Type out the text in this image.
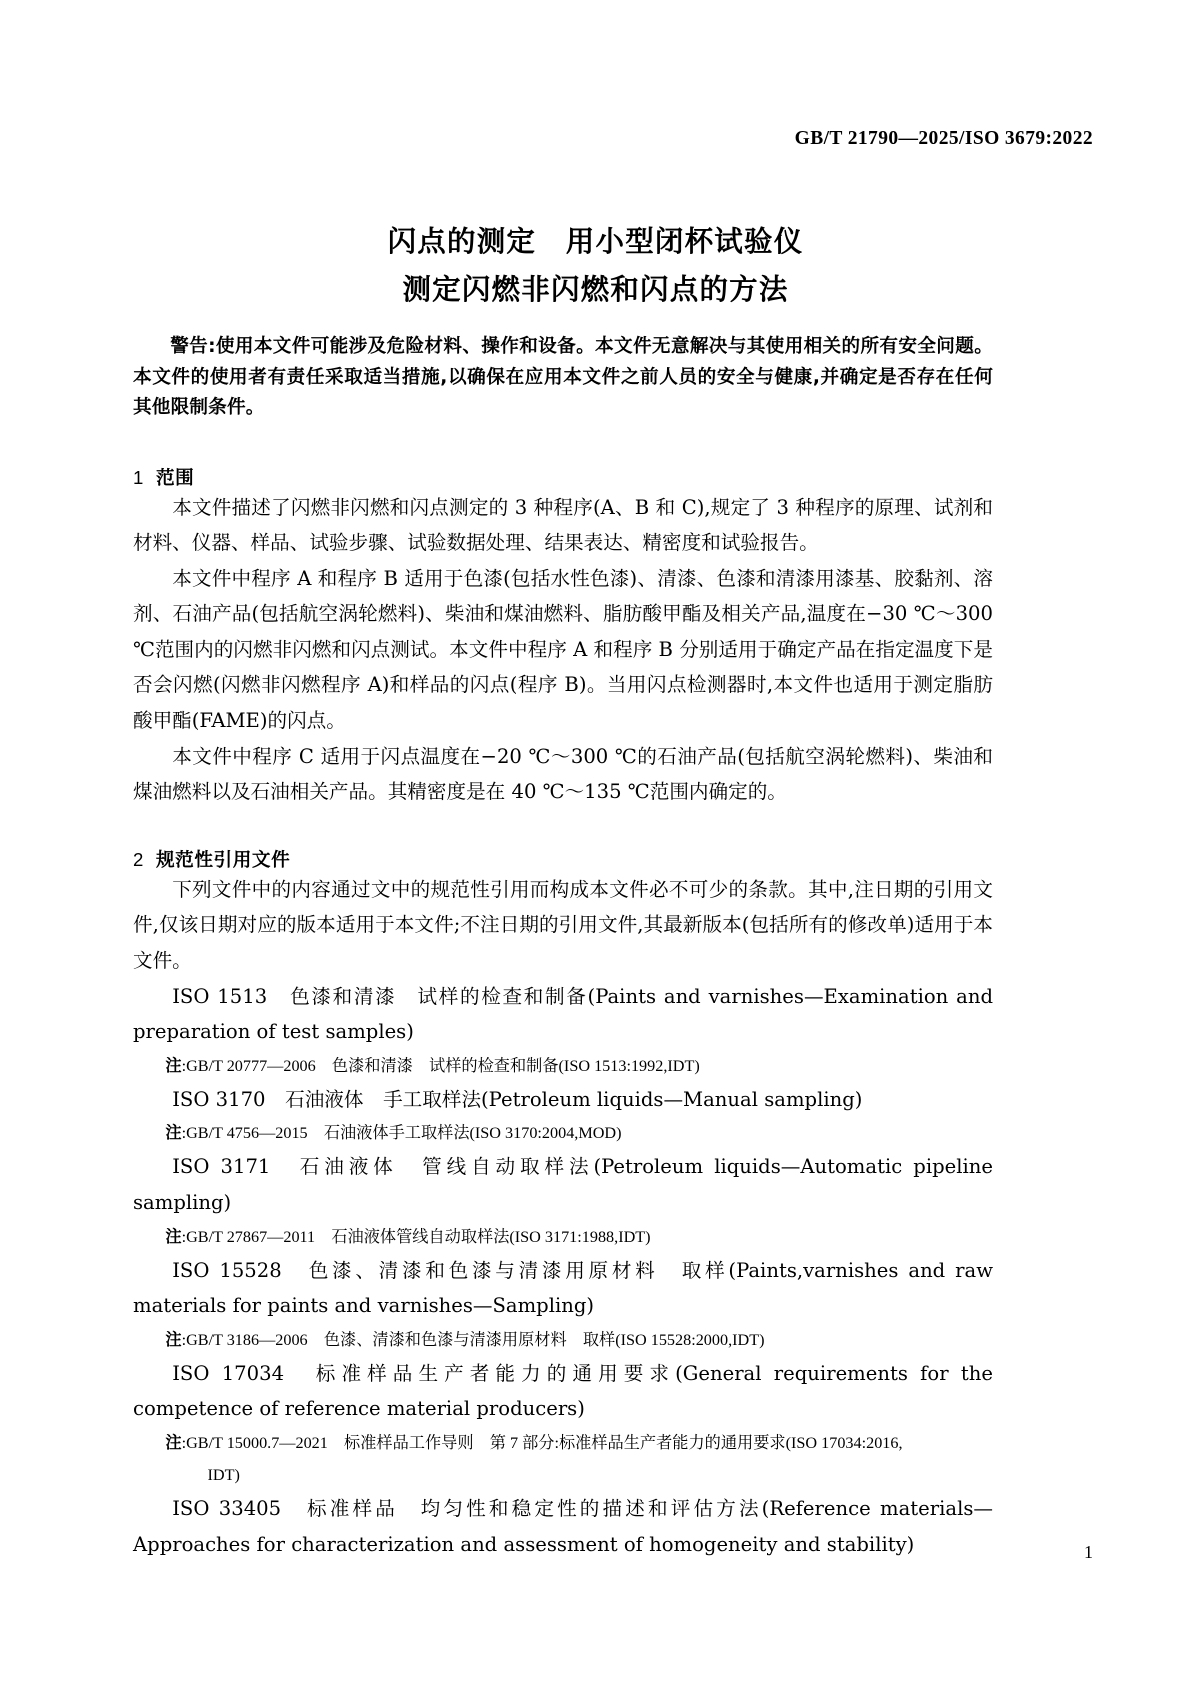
GB/T 21790—2025/ISO 3679:2022
闪点的测定　用小型闭杯试验仪
测定闪燃非闪燃和闪点的方法

警告:使用本文件可能涉及危险材料、操作和设备。本文件无意解决与其使用相关的所有安全问题。本文件的使用者有责任采取适当措施,以确保在应用本文件之前人员的安全与健康,并确定是否存在任何其他限制条件。

1 范围

本文件描述了闪燃非闪燃和闪点测定的 3 种程序(A、B 和 C),规定了 3 种程序的原理、试剂和材料、仪器、样品、试验步骤、试验数据处理、结果表达、精密度和试验报告。

本文件中程序 A 和程序 B 适用于色漆(包括水性色漆)、清漆、色漆和清漆用漆基、胶黏剂、溶剂、石油产品(包括航空涡轮燃料)、柴油和煤油燃料、脂肪酸甲酯及相关产品,温度在−30 ℃～300 ℃范围内的闪燃非闪燃和闪点测试。本文件中程序 A 和程序 B 分别适用于确定产品在指定温度下是否会闪燃(闪燃非闪燃程序 A)和样品的闪点(程序 B)。当用闪点检测器时,本文件也适用于测定脂肪酸甲酯(FAME)的闪点。

本文件中程序 C 适用于闪点温度在−20 ℃～300 ℃的石油产品(包括航空涡轮燃料)、柴油和煤油燃料以及石油相关产品。其精密度是在 40 ℃～135 ℃范围内确定的。

2 规范性引用文件

下列文件中的内容通过文中的规范性引用而构成本文件必不可少的条款。其中,注日期的引用文件,仅该日期对应的版本适用于本文件;不注日期的引用文件,其最新版本(包括所有的修改单)适用于本文件。

ISO 1513　色漆和清漆　试样的检查和制备(Paints and varnishes—Examination and preparation of test samples)

注:GB/T 20777—2006　色漆和清漆　试样的检查和制备(ISO 1513:1992,IDT)

ISO 3170　石油液体　手工取样法(Petroleum liquids—Manual sampling)

注:GB/T 4756—2015　石油液体手工取样法(ISO 3170:2004,MOD)

ISO 3171　石油液体　管线自动取样法(Petroleum liquids—Automatic pipeline sampling)

注:GB/T 27867—2011　石油液体管线自动取样法(ISO 3171:1988,IDT)

ISO 15528　色漆、清漆和色漆与清漆用原材料　取样(Paints,varnishes and raw materials for paints and varnishes—Sampling)

注:GB/T 3186—2006　色漆、清漆和色漆与清漆用原材料　取样(ISO 15528:2000,IDT)

ISO 17034　标准样品生产者能力的通用要求(General requirements for the competence of reference material producers)

注:GB/T 15000.7—2021　标准样品工作导则　第 7 部分:标准样品生产者能力的通用要求(ISO 17034:2016,
IDT)

ISO 33405　标准样品　均匀性和稳定性的描述和评估方法(Reference materials—Approaches for characterization and assessment of homogeneity and stability)	1
